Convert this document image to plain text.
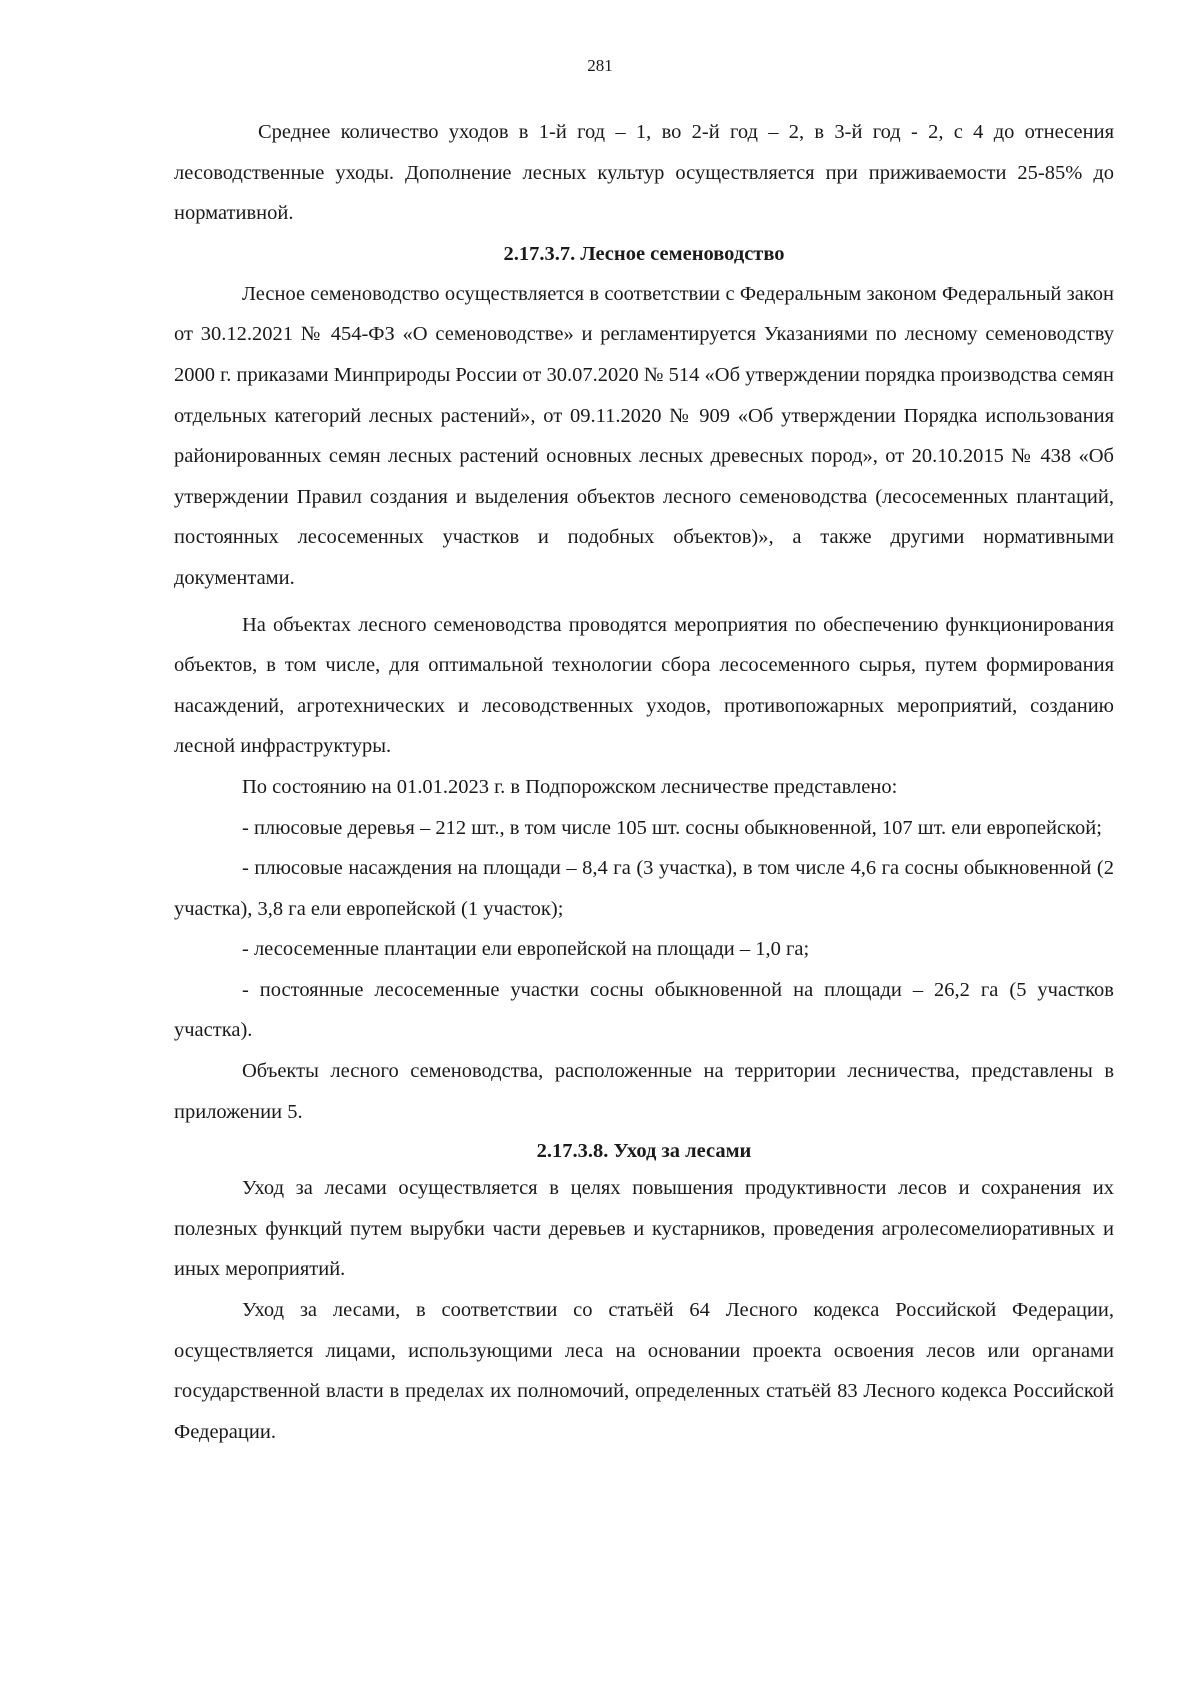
281

Среднее количество уходов в 1-й год – 1, во 2-й год – 2, в 3-й год - 2, с 4 до отнесения лесоводственные уходы. Дополнение лесных культур осуществляется при приживаемости 25-85% до нормативной.

2.17.3.7. Лесное семеноводство

Лесное семеноводство осуществляется в соответствии с Федеральным законом Федеральный закон от 30.12.2021 № 454-ФЗ «О семеноводстве» и регламентируется Указаниями по лесному семеноводству 2000 г. приказами Минприроды России от 30.07.2020 № 514 «Об утверждении порядка производства семян отдельных категорий лесных растений», от 09.11.2020 № 909 «Об утверждении Порядка использования районированных семян лесных растений основных лесных древесных пород», от 20.10.2015 № 438 «Об утверждении Правил создания и выделения объектов лесного семеноводства (лесосеменных плантаций, постоянных лесосеменных участков и подобных объектов)», а также другими нормативными документами.

На объектах лесного семеноводства проводятся мероприятия по обеспечению функционирования объектов, в том числе, для оптимальной технологии сбора лесосеменного сырья, путем формирования насаждений, агротехнических и лесоводственных уходов, противопожарных мероприятий, созданию лесной инфраструктуры.

По состоянию на 01.01.2023 г. в Подпорожском лесничестве представлено:

- плюсовые деревья – 212 шт., в том числе 105 шт. сосны обыкновенной, 107 шт. ели европейской;

- плюсовые насаждения на площади – 8,4 га (3 участка), в том числе 4,6 га сосны обыкновенной (2 участка), 3,8 га ели европейской (1 участок);

- лесосеменные плантации ели европейской на площади – 1,0 га;

- постоянные лесосеменные участки сосны обыкновенной на площади – 26,2 га (5 участков участка).

Объекты лесного семеноводства, расположенные на территории лесничества, представлены в приложении 5.

2.17.3.8. Уход за лесами

Уход за лесами осуществляется в целях повышения продуктивности лесов и сохранения их полезных функций путем вырубки части деревьев и кустарников, проведения агролесомелиоративных и иных мероприятий.

Уход за лесами, в соответствии со статьёй 64 Лесного кодекса Российской Федерации, осуществляется лицами, использующими леса на основании проекта освоения лесов или органами государственной власти в пределах их полномочий, определенных статьёй 83 Лесного кодекса Российской Федерации.
